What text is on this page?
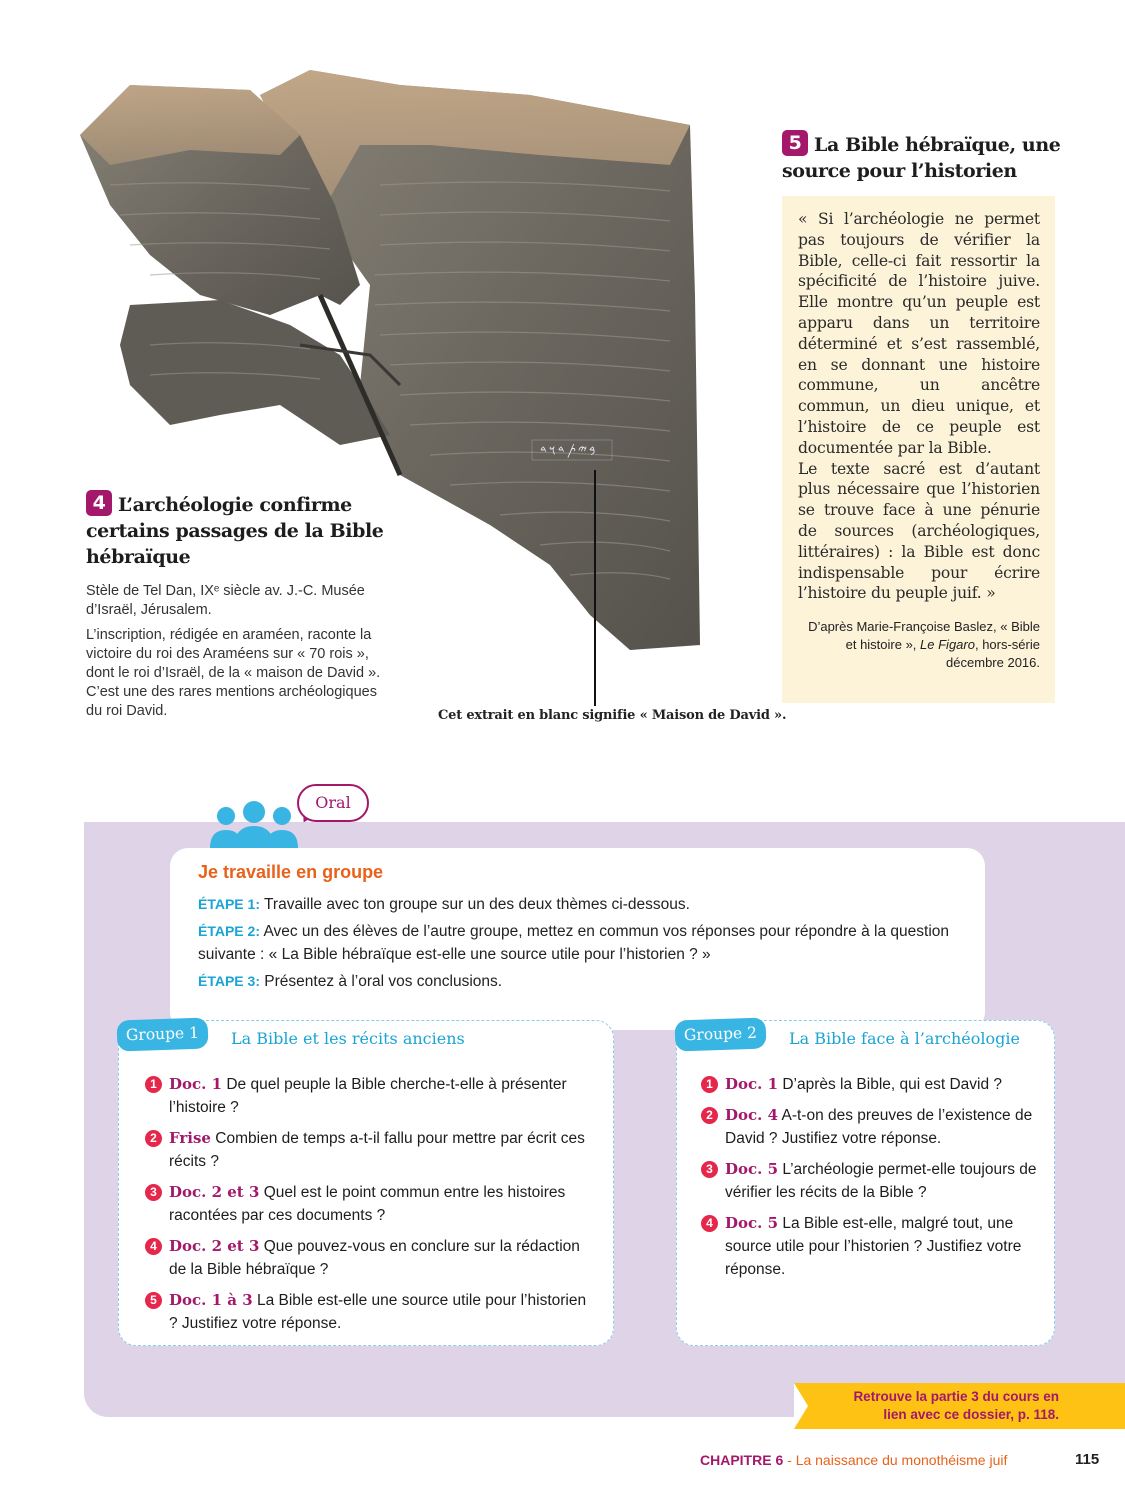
𐤁𐤉𐤕𐤃𐤅𐤃
Cet extrait en blanc signifie « Maison de David ».
4 L’archéologie confirme certains passages de la Bible hébraïque
Stèle de Tel Dan, IXᵉ siècle av. J.-C. Musée d’Israël, Jérusalem.
L’inscription, rédigée en araméen, raconte la victoire du roi des Araméens sur « 70 rois », dont le roi d’Israël, de la « maison de David ». C’est une des rares mentions archéologiques du roi David.
5 La Bible hébraïque, une source pour l’historien
« Si l’archéologie ne permet pas toujours de vérifier la Bible, celle-ci fait ressortir la spécificité de l’histoire juive. Elle montre qu’un peuple est apparu dans un territoire déterminé et s’est rassemblé, en se donnant une histoire commune, un ancêtre commun, un dieu unique, et l’histoire de ce peuple est documentée par la Bible.
Le texte sacré est d’autant plus nécessaire que l’historien se trouve face à une pénurie de sources (archéologiques, littéraires) : la Bible est donc indispensable pour écrire l’histoire du peuple juif. »
D’après Marie-Françoise Baslez, « Bible et histoire », Le Figaro, hors-série décembre 2016.
Oral
Je travaille en groupe
ÉTAPE 1: Travaille avec ton groupe sur un des deux thèmes ci-dessous.
ÉTAPE 2: Avec un des élèves de l’autre groupe, mettez en commun vos réponses pour répondre à la question suivante : « La Bible hébraïque est-elle une source utile pour l’historien ? »
ÉTAPE 3: Présentez à l’oral vos conclusions.
Groupe 1	La Bible et les récits anciens
1 Doc. 1 De quel peuple la Bible cherche-t-elle à présenter l’histoire ?
2 Frise Combien de temps a-t-il fallu pour mettre par écrit ces récits ?
3 Doc. 2 et 3 Quel est le point commun entre les histoires racontées par ces documents ?
4 Doc. 2 et 3 Que pouvez-vous en conclure sur la rédaction de la Bible hébraïque ?
5 Doc. 1 à 3 La Bible est-elle une source utile pour l’historien ? Justifiez votre réponse.
Groupe 2	La Bible face à l’archéologie
1 Doc. 1 D’après la Bible, qui est David ?
2 Doc. 4 A-t-on des preuves de l’existence de David ? Justifiez votre réponse.
3 Doc. 5 L’archéologie permet-elle toujours de vérifier les récits de la Bible ?
4 Doc. 5 La Bible est-elle, malgré tout, une source utile pour l’historien ? Justifiez votre réponse.
Retrouve la partie 3 du cours en
lien avec ce dossier, p. 118.
CHAPITRE 6 - La naissance du monothéisme juif	115
